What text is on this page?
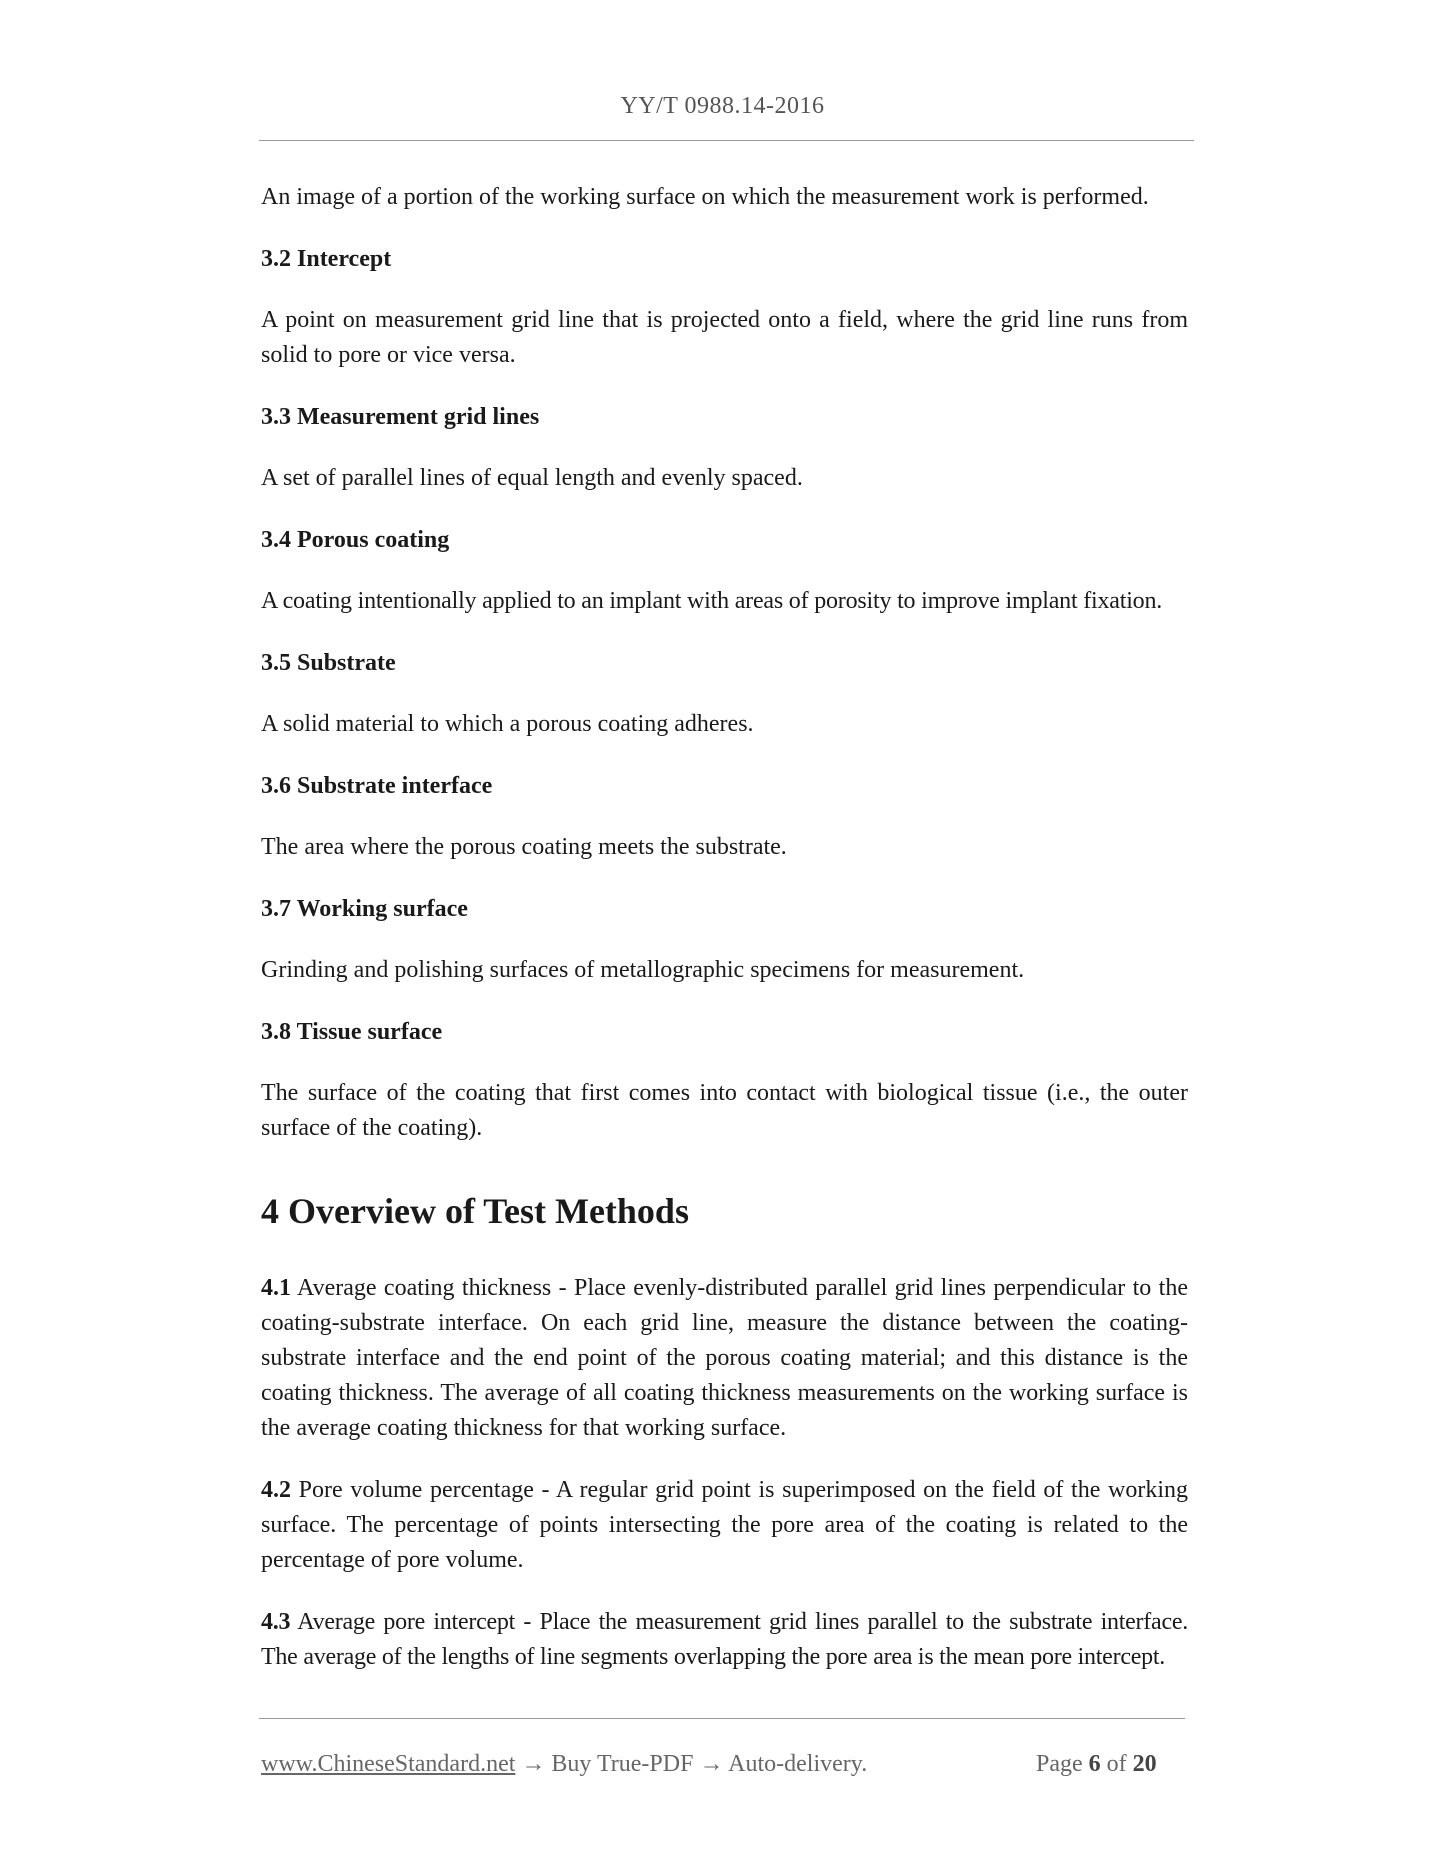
YY/T 0988.14-2016

An image of a portion of the working surface on which the measurement work is performed.

3.2 Intercept

A point on measurement grid line that is projected onto a field, where the grid line runs from solid to pore or vice versa.

3.3 Measurement grid lines

A set of parallel lines of equal length and evenly spaced.

3.4 Porous coating

A coating intentionally applied to an implant with areas of porosity to improve implant fixation.

3.5 Substrate

A solid material to which a porous coating adheres.

3.6 Substrate interface

The area where the porous coating meets the substrate.

3.7 Working surface

Grinding and polishing surfaces of metallographic specimens for measurement.

3.8 Tissue surface

The surface of the coating that first comes into contact with biological tissue (i.e., the outer surface of the coating).

4 Overview of Test Methods

4.1 Average coating thickness - Place evenly-distributed parallel grid lines perpendicular to the coating-substrate interface. On each grid line, measure the distance between the coating-substrate interface and the end point of the porous coating material; and this distance is the coating thickness. The average of all coating thickness measurements on the working surface is the average coating thickness for that working surface.

4.2 Pore volume percentage - A regular grid point is superimposed on the field of the working surface. The percentage of points intersecting the pore area of the coating is related to the percentage of pore volume.

4.3 Average pore intercept - Place the measurement grid lines parallel to the substrate interface. The average of the lengths of line segments overlapping the pore area is the mean pore intercept.

www.ChineseStandard.net → Buy True-PDF → Auto-delivery.	Page 6 of 20
